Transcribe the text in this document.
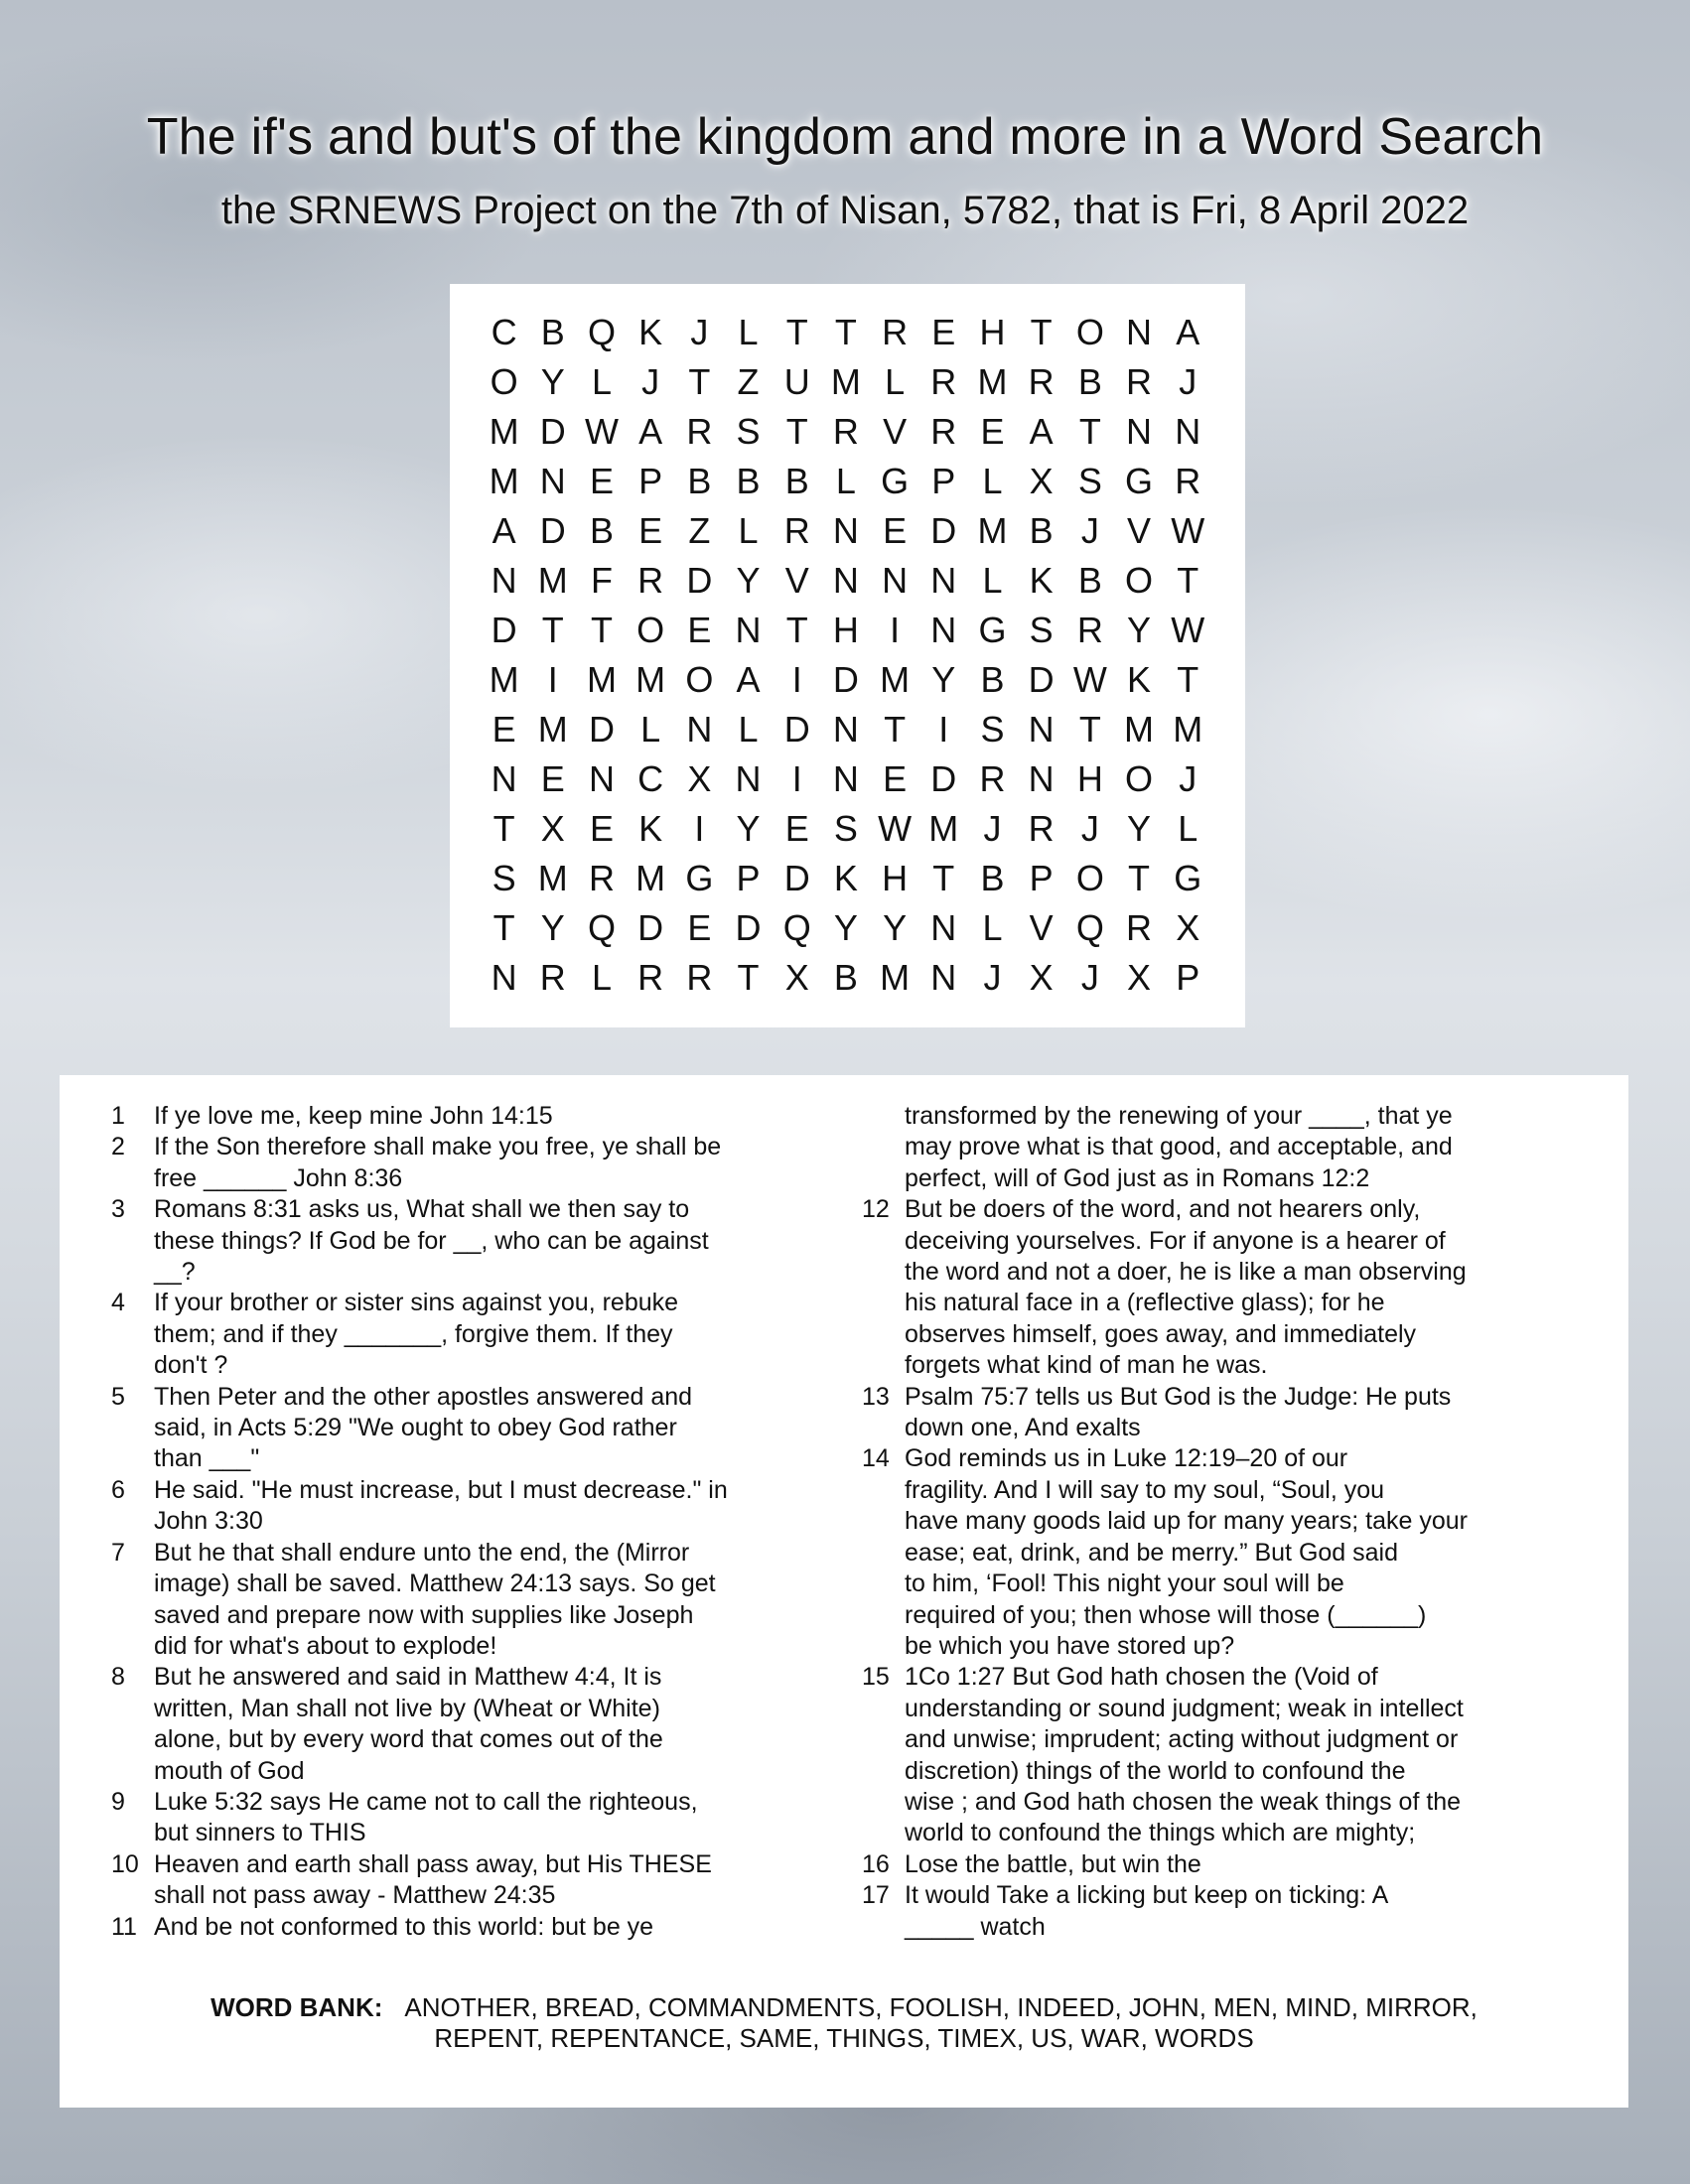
The if's and but's of the kingdom and more in a Word Search
the SRNEWS Project on the 7th of Nisan, 5782, that is Fri, 8 April 2022
C B Q K J L T T R E H T O N A
O Y L J T Z U M L R M R B R J
M D W A R S T R V R E A T N N
M N E P B B B L G P L X S G R
A D B E Z L R N E D M B J V W
N M F R D Y V N N N L K B O T
D T T O E N T H I N G S R Y W
M I M M O A I D M Y B D W K T
E M D L N L D N T I S N T M M
N E N C X N I N E D R N H O J
T X E K I Y E S W M J R J Y L
S M R M G P D K H T B P O T G
T Y Q D E D Q Y Y N L V Q R X
N R L R R T X B M N J X J X P
1	If ye love me, keep mine John 14:15
2	If the Son therefore shall make you free, ye shall be
free ______ John 8:36
3	Romans 8:31 asks us, What shall we then say to
these things? If God be for __, who can be against
__?
4	If your brother or sister sins against you, rebuke
them; and if they _______, forgive them. If they
don't ?
5	Then Peter and the other apostles answered and
said, in Acts 5:29 "We ought to obey God rather
than ___"
6	He said. "He must increase, but I must decrease." in
John 3:30
7	But he that shall endure unto the end, the (Mirror
image) shall be saved. Matthew 24:13 says. So get
saved and prepare now with supplies like Joseph
did for what's about to explode!
8	But he answered and said in Matthew 4:4, It is
written, Man shall not live by (Wheat or White)
alone, but by every word that comes out of the
mouth of God
9	Luke 5:32 says He came not to call the righteous,
but sinners to THIS
10 Heaven and earth shall pass away, but His THESE
shall not pass away - Matthew 24:35
11 And be not conformed to this world: but be ye
transformed by the renewing of your ____, that ye
may prove what is that good, and acceptable, and
perfect, will of God just as in Romans 12:2
12 But be doers of the word, and not hearers only,
deceiving yourselves. For if anyone is a hearer of
the word and not a doer, he is like a man observing
his natural face in a (reflective glass); for he
observes himself, goes away, and immediately
forgets what kind of man he was.
13 Psalm 75:7 tells us But God is the Judge: He puts
down one, And exalts
14 God reminds us in Luke 12:19–20 of our
fragility. And I will say to my soul, “Soul, you
have many goods laid up for many years; take your
ease; eat, drink, and be merry.” But God said
to him, ‘Fool! This night your soul will be
required of you; then whose will those (______)
be which you have stored up?
15 1Co 1:27 But God hath chosen the (Void of
understanding or sound judgment; weak in intellect
and unwise; imprudent; acting without judgment or
discretion) things of the world to confound the
wise ; and God hath chosen the weak things of the
world to confound the things which are mighty;
16 Lose the battle, but win the
17 It would Take a licking but keep on ticking: A
_____ watch
WORD BANK: ANOTHER, BREAD, COMMANDMENTS, FOOLISH, INDEED, JOHN, MEN, MIND, MIRROR,
REPENT, REPENTANCE, SAME, THINGS, TIMEX, US, WAR, WORDS
